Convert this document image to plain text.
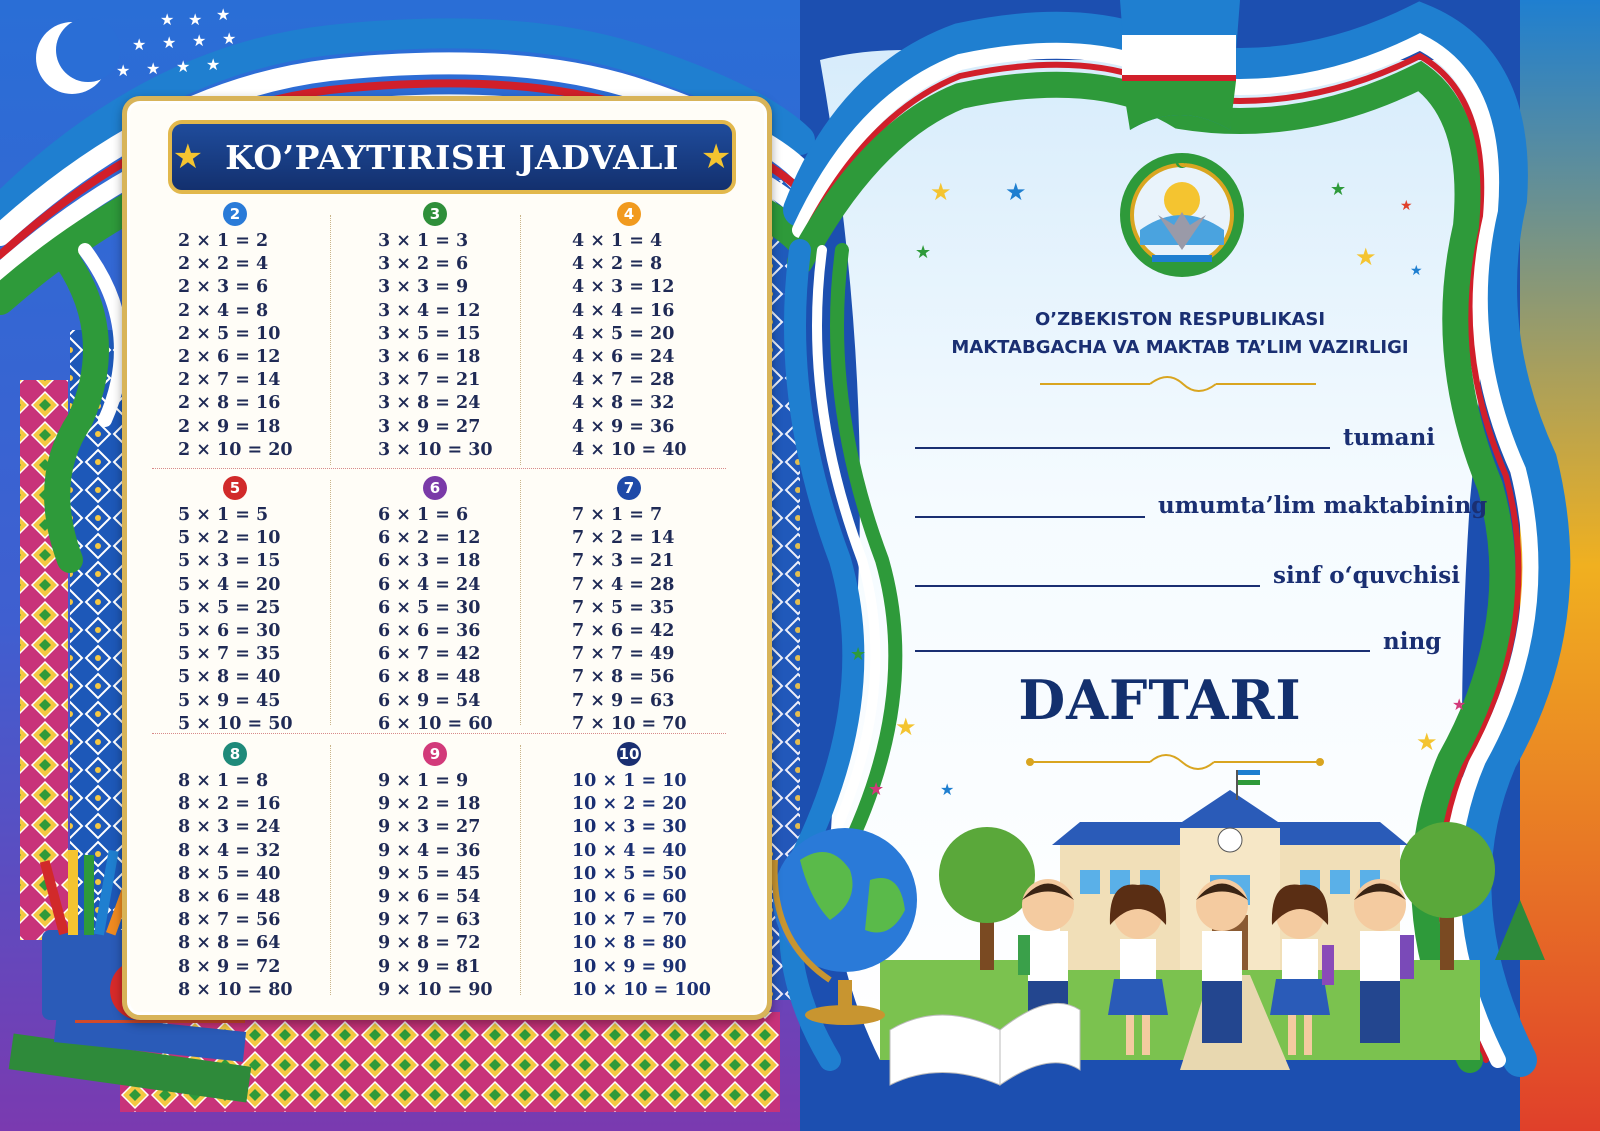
★ ★ ★
★ ★ ★ ★
★ ★ ★ ★
★ ★
★
★
★
★ ★
★
★
★	★
★
★
☪
★ KO’PAYTIRISH JADVALI ★
2
2 × 1 = 2
2 × 2 = 4
2 × 3 = 6
2 × 4 = 8
2 × 5 = 10
2 × 6 = 12
2 × 7 = 14
2 × 8 = 16
2 × 9 = 18
2 × 10 = 20
3
3 × 1 = 3
3 × 2 = 6
3 × 3 = 9
3 × 4 = 12
3 × 5 = 15
3 × 6 = 18
3 × 7 = 21
3 × 8 = 24
3 × 9 = 27
3 × 10 = 30
4
4 × 1 = 4
4 × 2 = 8
4 × 3 = 12
4 × 4 = 16
4 × 5 = 20
4 × 6 = 24
4 × 7 = 28
4 × 8 = 32
4 × 9 = 36
4 × 10 = 40
5
5 × 1 = 5
5 × 2 = 10
5 × 3 = 15
5 × 4 = 20
5 × 5 = 25
5 × 6 = 30
5 × 7 = 35
5 × 8 = 40
5 × 9 = 45
5 × 10 = 50
6
6 × 1 = 6
6 × 2 = 12
6 × 3 = 18
6 × 4 = 24
6 × 5 = 30
6 × 6 = 36
6 × 7 = 42
6 × 8 = 48
6 × 9 = 54
6 × 10 = 60
7
7 × 1 = 7
7 × 2 = 14
7 × 3 = 21
7 × 4 = 28
7 × 5 = 35
7 × 6 = 42
7 × 7 = 49
7 × 8 = 56
7 × 9 = 63
7 × 10 = 70
8
8 × 1 = 8
8 × 2 = 16
8 × 3 = 24
8 × 4 = 32
8 × 5 = 40
8 × 6 = 48
8 × 7 = 56
8 × 8 = 64
8 × 9 = 72
8 × 10 = 80
9
9 × 1 = 9
9 × 2 = 18
9 × 3 = 27
9 × 4 = 36
9 × 5 = 45
9 × 6 = 54
9 × 7 = 63
9 × 8 = 72
9 × 9 = 81
9 × 10 = 90
10
10 × 1 = 10
10 × 2 = 20
10 × 3 = 30
10 × 4 = 40
10 × 5 = 50
10 × 6 = 60
10 × 7 = 70
10 × 8 = 80
10 × 9 = 90
10 × 10 = 100
O’ZBEKISTON RESPUBLIKASI
MAKTABGACHA VA MAKTAB TA’LIM VAZIRLIGI
tumani
umumta’lim maktabining
sinf o‘quvchisi
ning
DAFTARI
